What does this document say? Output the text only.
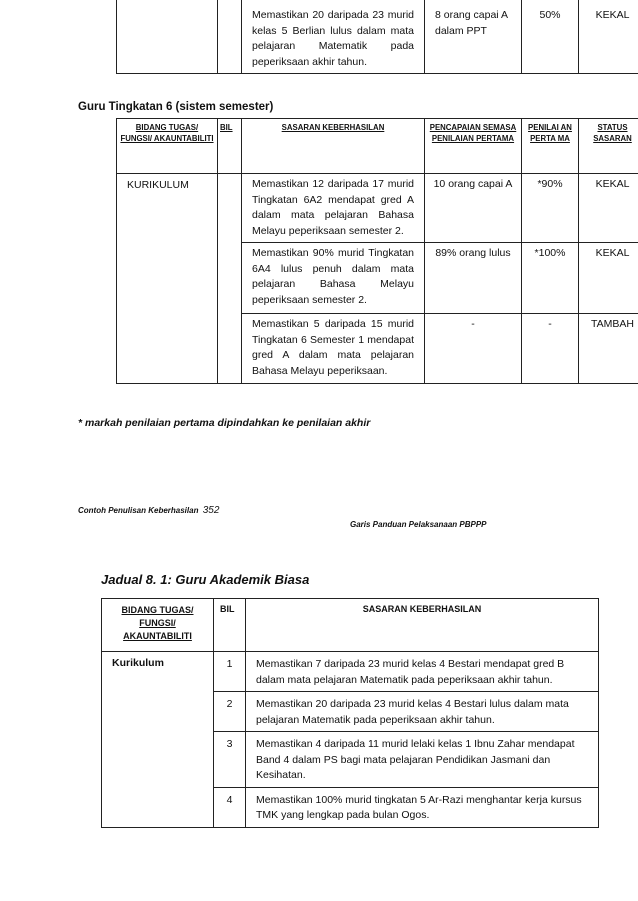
		Memastikan 20 daripada 23 murid kelas 5 Berlian lulus dalam mata pelajaran Matematik pada peperiksaan akhir tahun.	8 orang capai A dalam PPT	50%	KEKAL
Guru Tingkatan 6 (sistem semester)
BIDANG TUGAS/ FUNGSI/ AKAUNTABILITI	BIL	SASARAN KEBERHASILAN	PENCAPAIAN SEMASA PENILAIAN PERTAMA	PENILAI AN PERTA MA	STATUS SASARAN
KURIKULUM		Memastikan 12 daripada 17 murid Tingkatan 6A2 mendapat gred A dalam mata pelajaran Bahasa Melayu peperiksaan semester 2.	10 orang capai A	*90%	KEKAL
		Memastikan 90% murid Tingkatan 6A4 lulus penuh dalam mata pelajaran Bahasa Melayu peperiksaan semester 2.	89% orang lulus	*100%	KEKAL
		Memastikan 5 daripada 15 murid Tingkatan 6 Semester 1 mendapat gred A dalam mata pelajaran Bahasa Melayu peperiksaan.	-	-	TAMBAH
* markah penilaian pertama dipindahkan ke penilaian akhir
Contoh Penulisan Keberhasilan 352
Garis Panduan Pelaksanaan PBPPP
Jadual 8. 1: Guru Akademik Biasa
BIDANG TUGAS/ FUNGSI/ AKAUNTABILITI	BIL	SASARAN KEBERHASILAN
Kurikulum	1	Memastikan 7 daripada 23 murid kelas 4 Bestari mendapat gred B dalam mata pelajaran Matematik pada peperiksaan akhir tahun.
	2	Memastikan 20 daripada 23 murid kelas 4 Bestari lulus dalam mata pelajaran Matematik pada peperiksaan akhir tahun.
	3	Memastikan 4 daripada 11 murid lelaki kelas 1 Ibnu Zahar mendapat Band 4 dalam PS bagi mata pelajaran Pendidikan Jasmani dan Kesihatan.
	4	Memastikan 100% murid tingkatan 5 Ar-Razi menghantar kerja kursus TMK yang lengkap pada bulan Ogos.
